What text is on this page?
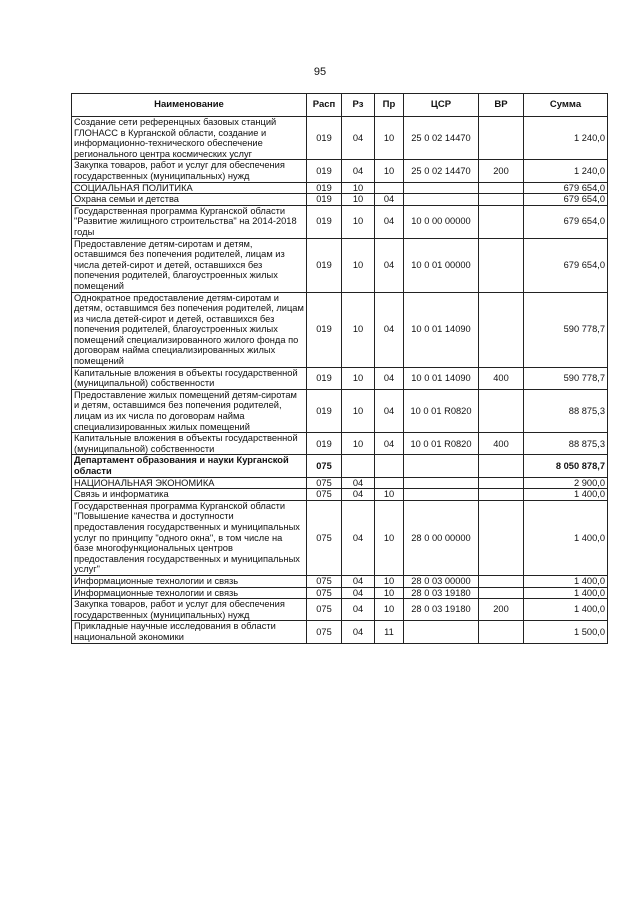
95
Наименование	Расп	Рз	Пр	ЦСР	ВР	Сумма
Создание сети референцных базовых станций ГЛОНАСС в Курганской области, создание и информационно-технического обеспечение регионального центра космических услуг	019	04	10	25 0 02 14470		1 240,0
Закупка товаров, работ и услуг для обеспечения государственных (муниципальных) нужд	019	04	10	25 0 02 14470	200	1 240,0
СОЦИАЛЬНАЯ ПОЛИТИКА	019	10				679 654,0
Охрана семьи и детства	019	10	04			679 654,0
Государственная программа Курганской области "Развитие жилищного строительства" на 2014-2018 годы	019	10	04	10 0 00 00000		679 654,0
Предоставление детям-сиротам и детям, оставшимся без попечения родителей, лицам из числа детей-сирот и детей, оставшихся без попечения родителей, благоустроенных жилых помещений	019	10	04	10 0 01 00000		679 654,0
Однократное предоставление детям-сиротам и детям, оставшимся без попечения родителей, лицам из числа детей-сирот и детей, оставшихся без попечения родителей, благоустроенных жилых помещений специализированного жилого фонда по договорам найма специализированных жилых помещений	019	10	04	10 0 01 14090		590 778,7
Капитальные вложения в объекты государственной (муниципальной) собственности	019	10	04	10 0 01 14090	400	590 778,7
Предоставление жилых помещений детям-сиротам и детям, оставшимся без попечения родителей, лицам из их числа по договорам найма специализированных жилых помещений	019	10	04	10 0 01 R0820		88 875,3
Капитальные вложения в объекты государственной (муниципальной) собственности	019	10	04	10 0 01 R0820	400	88 875,3
Департамент образования и науки Курганской области	075					8 050 878,7
НАЦИОНАЛЬНАЯ ЭКОНОМИКА	075	04				2 900,0
Связь и информатика	075	04	10			1 400,0
Государственная программа Курганской области "Повышение качества и доступности предоставления государственных и муниципальных услуг по принципу "одного окна", в том числе на базе многофункциональных центров предоставления государственных и муниципальных услуг"	075	04	10	28 0 00 00000		1 400,0
Информационные технологии и связь	075	04	10	28 0 03 00000		1 400,0
Информационные технологии и связь	075	04	10	28 0 03 19180		1 400,0
Закупка товаров, работ и услуг для обеспечения государственных (муниципальных) нужд	075	04	10	28 0 03 19180	200	1 400,0
Прикладные научные исследования в области национальной экономики	075	04	11			1 500,0
